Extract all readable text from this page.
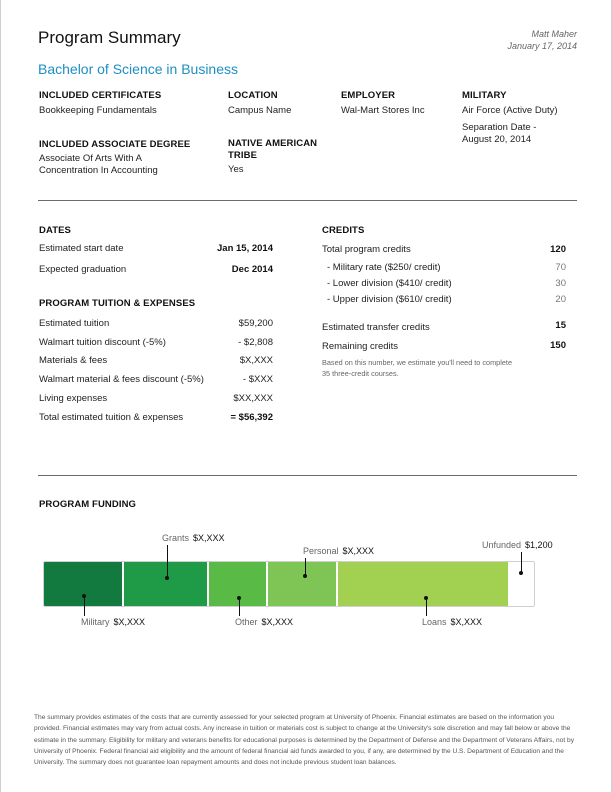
Program Summary	Matt Maher
January 17, 2014
Bachelor of Science in Business
INCLUDED CERTIFICATES
Bookkeeping Fundamentals
LOCATION
Campus Name
EMPLOYER
Wal-Mart Stores Inc
MILITARY
Air Force (Active Duty)
Separation Date -
August 20, 2014
INCLUDED ASSOCIATE DEGREE
Associate Of Arts With A
Concentration In Accounting
NATIVE AMERICAN
TRIBE
Yes
DATES
Estimated start date	Jan 15, 2014
Expected graduation	Dec 2014
PROGRAM TUITION & EXPENSES
Estimated tuition	$59,200
Walmart tuition discount (-5%)	- $2,808
Materials & fees	$X,XXX
Walmart material & fees discount (-5%)	- $XXX
Living expenses	$XX,XXX
Total estimated tuition & expenses	= $56,392
CREDITS
Total program credits	120
- Military rate ($250/ credit)	70
- Lower division ($410/ credit)	30
- Upper division ($610/ credit)	20
Estimated transfer credits	15
Remaining credits	150
Based on this number, we estimate you'll need to complete 35 three-credit courses.
PROGRAM FUNDING
Grants $X,XXX
Personal $X,XXX
Unfunded $1,200
Military $X,XXX	Other $X,XXX	Loans $X,XXX
The summary provides estimates of the costs that are currently assessed for your selected program at University of Phoenix. Financial estimates are based on the information you provided. Financial estimates may vary from actual costs. Any increase in tuition or materials cost is subject to change at the University's sole discretion and may fall below or above the estimate in the summary. Eligibility for military and veterans benefits for educational purposes is determined by the Department of Defense and the Department of Veterans Affairs, not by University of Phoenix. Federal financial aid eligibility and the amount of federal financial aid funds awarded to you, if any, are determined by the U.S. Department of Education and the University. The summary does not guarantee loan repayment amounts and does not include previous student loan balances.
